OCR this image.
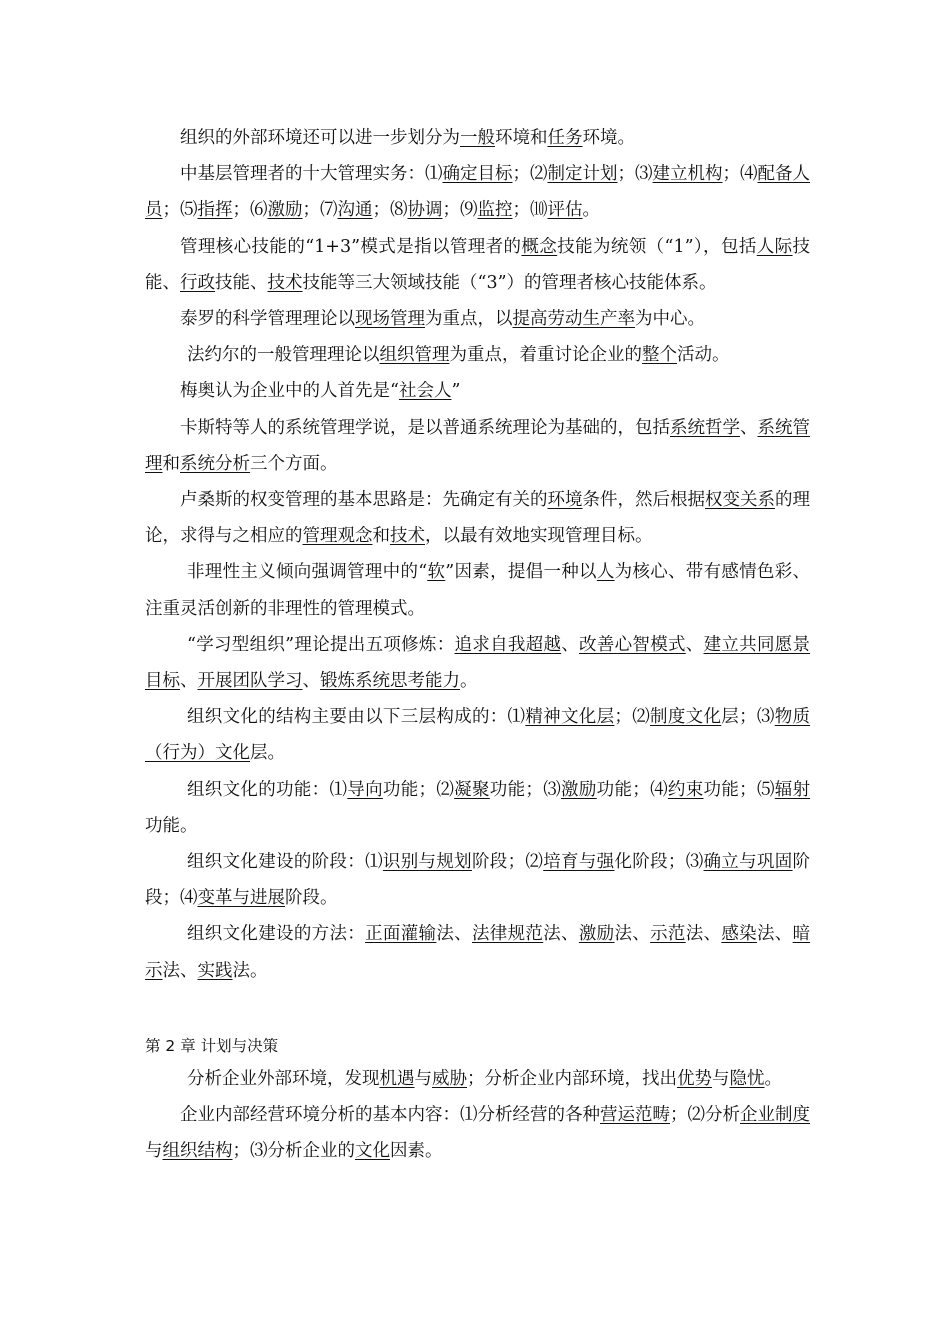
组织的外部环境还可以进一步划分为一般环境和任务环境。

中基层管理者的十大管理实务：⑴确定目标；⑵制定计划；⑶建立机构；⑷配备人员；⑸指挥；⑹激励；⑺沟通；⑻协调；⑼监控；⑽评估。

管理核心技能的“1+3”模式是指以管理者的概念技能为统领（“1”），包括人际技能、行政技能、技术技能等三大领域技能（“3”）的管理者核心技能体系。

泰罗的科学管理理论以现场管理为重点，以提高劳动生产率为中心。

法约尔的一般管理理论以组织管理为重点，着重讨论企业的整个活动。

梅奥认为企业中的人首先是“社会人”

卡斯特等人的系统管理学说，是以普通系统理论为基础的，包括系统哲学、系统管理和系统分析三个方面。

卢桑斯的权变管理的基本思路是：先确定有关的环境条件，然后根据权变关系的理论，求得与之相应的管理观念和技术，以最有效地实现管理目标。

非理性主义倾向强调管理中的“软”因素，提倡一种以人为核心、带有感情色彩、注重灵活创新的非理性的管理模式。

“学习型组织”理论提出五项修炼：追求自我超越、改善心智模式、建立共同愿景目标、开展团队学习、锻炼系统思考能力。

组织文化的结构主要由以下三层构成的：⑴精神文化层；⑵制度文化层；⑶物质（行为）文化层。

组织文化的功能：⑴导向功能；⑵凝聚功能；⑶激励功能；⑷约束功能；⑸辐射功能。

组织文化建设的阶段：⑴识别与规划阶段；⑵培育与强化阶段；⑶确立与巩固阶段；⑷变革与进展阶段。

组织文化建设的方法：正面灌输法、法律规范法、激励法、示范法、感染法、暗示法、实践法。

第 2 章 计划与决策

分析企业外部环境，发现机遇与威胁；分析企业内部环境，找出优势与隐忧。

企业内部经营环境分析的基本内容：⑴分析经营的各种营运范畴；⑵分析企业制度与组织结构；⑶分析企业的文化因素。
